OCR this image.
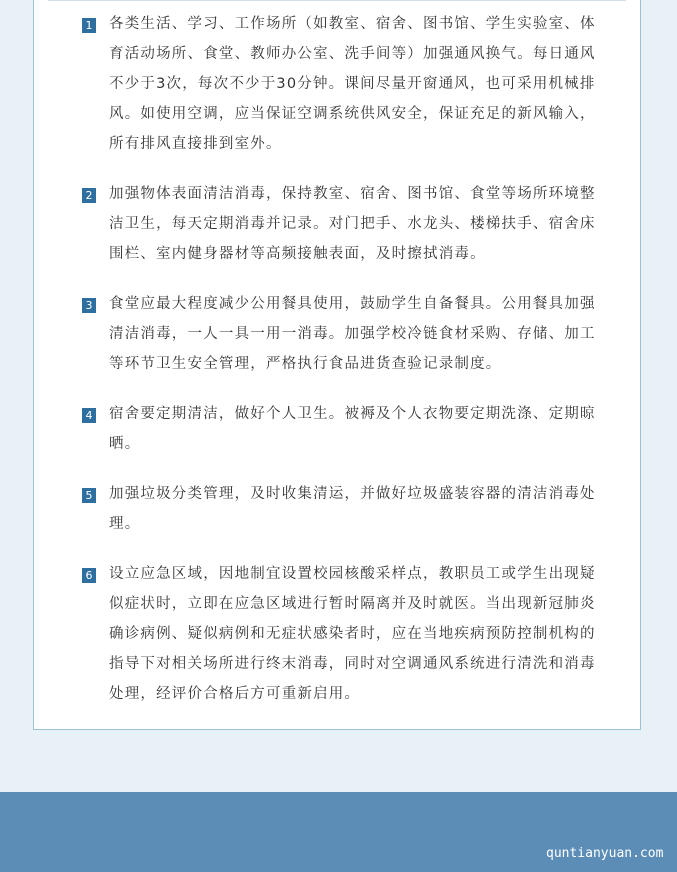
1 各类生活、学习、工作场所（如教室、宿舍、图书馆、学生实验室、体育活动场所、食堂、教师办公室、洗手间等）加强通风换气。每日通风不少于3次，每次不少于30分钟。课间尽量开窗通风，也可采用机械排风。如使用空调，应当保证空调系统供风安全，保证充足的新风输入，所有排风直接排到室外。
2 加强物体表面清洁消毒，保持教室、宿舍、图书馆、食堂等场所环境整洁卫生，每天定期消毒并记录。对门把手、水龙头、楼梯扶手、宿舍床围栏、室内健身器材等高频接触表面，及时擦拭消毒。
3 食堂应最大程度减少公用餐具使用，鼓励学生自备餐具。公用餐具加强清洁消毒，一人一具一用一消毒。加强学校冷链食材采购、存储、加工等环节卫生安全管理，严格执行食品进货查验记录制度。
4 宿舍要定期清洁，做好个人卫生。被褥及个人衣物要定期洗涤、定期晾晒。
5 加强垃圾分类管理，及时收集清运，并做好垃圾盛装容器的清洁消毒处理。
6 设立应急区域，因地制宜设置校园核酸采样点，教职员工或学生出现疑似症状时，立即在应急区域进行暂时隔离并及时就医。当出现新冠肺炎确诊病例、疑似病例和无症状感染者时，应在当地疾病预防控制机构的指导下对相关场所进行终末消毒，同时对空调通风系统进行清洗和消毒处理，经评价合格后方可重新启用。
quntianyuan.com
